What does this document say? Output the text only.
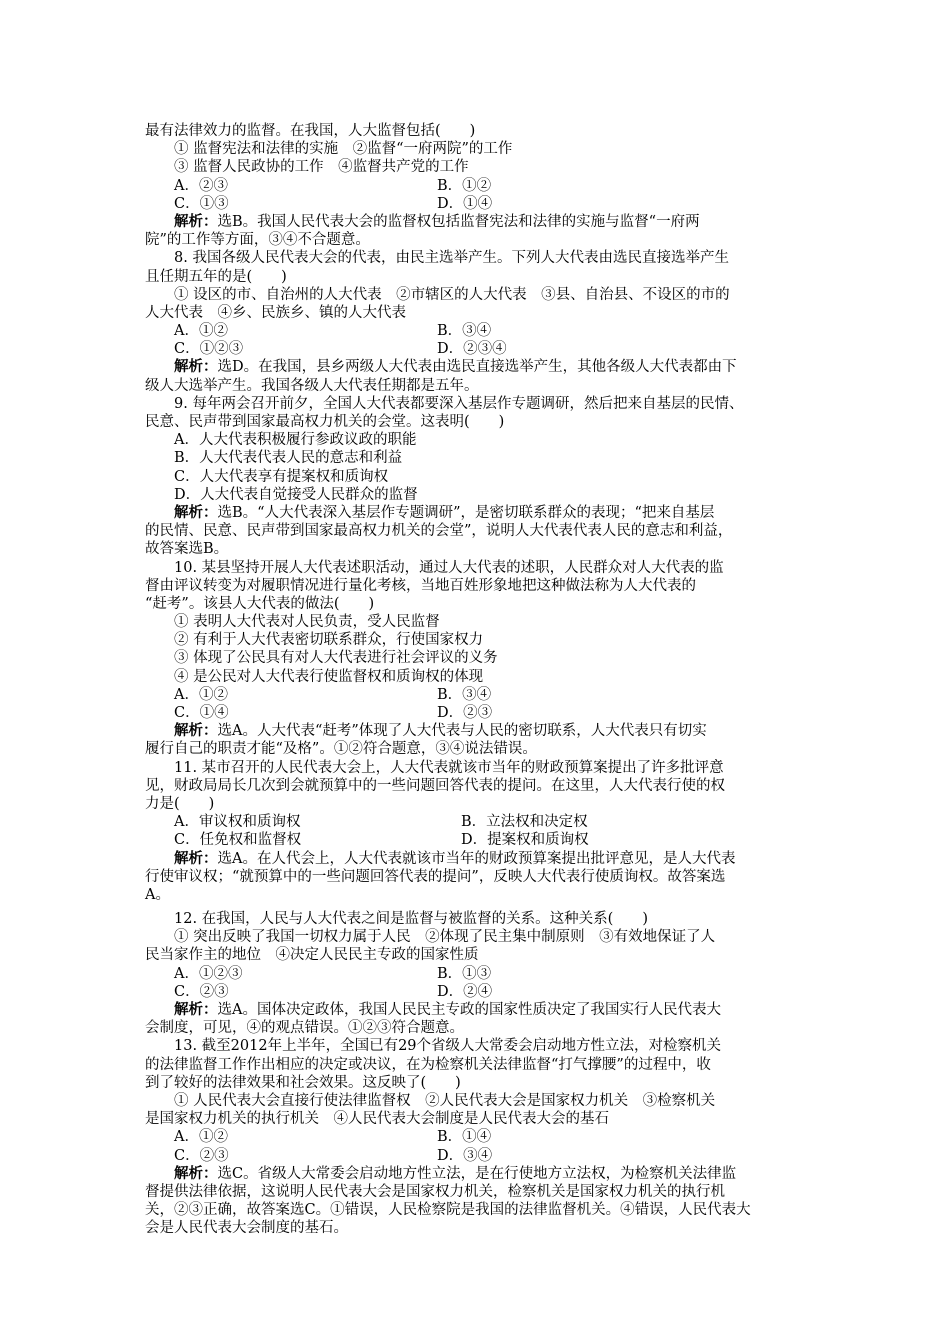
最有法律效力的监督。在我国，人大监督包括(　　)
① 监督宪法和法律的实施　②监督“一府两院”的工作
③ 监督人民政协的工作　④监督共产党的工作
A．②③	B．①②
C．①③	D．①④
解析：选B。我国人民代表大会的监督权包括监督宪法和法律的实施与监督“一府两
院”的工作等方面，③④不合题意。
8. 我国各级人民代表大会的代表，由民主选举产生。下列人大代表由选民直接选举产生
且任期五年的是(　　)
① 设区的市、自治州的人大代表　②市辖区的人大代表　③县、自治县、不设区的市的
人大代表　④乡、民族乡、镇的人大代表
A．①②	B．③④
C．①②③	D．②③④
解析：选D。在我国，县乡两级人大代表由选民直接选举产生，其他各级人大代表都由下
级人大选举产生。我国各级人大代表任期都是五年。
9. 每年两会召开前夕，全国人大代表都要深入基层作专题调研，然后把来自基层的民情、
民意、民声带到国家最高权力机关的会堂。这表明(　　)
A．人大代表积极履行参政议政的职能
B．人大代表代表人民的意志和利益
C．人大代表享有提案权和质询权
D．人大代表自觉接受人民群众的监督
解析：选B。“人大代表深入基层作专题调研”，是密切联系群众的表现；“把来自基层
的民情、民意、民声带到国家最高权力机关的会堂”，说明人大代表代表人民的意志和利益，
故答案选B。
10. 某县坚持开展人大代表述职活动，通过人大代表的述职，人民群众对人大代表的监
督由评议转变为对履职情况进行量化考核，当地百姓形象地把这种做法称为人大代表的
“赶考”。该县人大代表的做法(　　)
① 表明人大代表对人民负责，受人民监督
② 有利于人大代表密切联系群众，行使国家权力
③ 体现了公民具有对人大代表进行社会评议的义务
④ 是公民对人大代表行使监督权和质询权的体现
A．①②	B．③④
C．①④	D．②③
解析：选A。人大代表“赶考”体现了人大代表与人民的密切联系，人大代表只有切实
履行自己的职责才能“及格”。①②符合题意，③④说法错误。
11. 某市召开的人民代表大会上，人大代表就该市当年的财政预算案提出了许多批评意
见，财政局局长几次到会就预算中的一些问题回答代表的提问。在这里，人大代表行使的权
力是(　　)
A．审议权和质询权	B．立法权和决定权
C．任免权和监督权	D．提案权和质询权
解析：选A。在人代会上，人大代表就该市当年的财政预算案提出批评意见，是人大代表
行使审议权；“就预算中的一些问题回答代表的提问”，反映人大代表行使质询权。故答案选
A。
12. 在我国，人民与人大代表之间是监督与被监督的关系。这种关系(　　)
① 突出反映了我国一切权力属于人民　②体现了民主集中制原则　③有效地保证了人
民当家作主的地位　④决定人民民主专政的国家性质
A．①②③	B．①③
C．②③	D．②④
解析：选A。国体决定政体，我国人民民主专政的国家性质决定了我国实行人民代表大
会制度，可见，④的观点错误。①②③符合题意。
13. 截至2012年上半年，全国已有29个省级人大常委会启动地方性立法，对检察机关
的法律监督工作作出相应的决定或决议，在为检察机关法律监督“打气撑腰”的过程中，收
到了较好的法律效果和社会效果。这反映了(　　)
① 人民代表大会直接行使法律监督权　②人民代表大会是国家权力机关　③检察机关
是国家权力机关的执行机关　④人民代表大会制度是人民代表大会的基石
A．①②	B．①④
C．②③	D．③④
解析：选C。省级人大常委会启动地方性立法，是在行使地方立法权，为检察机关法律监
督提供法律依据，这说明人民代表大会是国家权力机关，检察机关是国家权力机关的执行机
关，②③正确，故答案选C。①错误，人民检察院是我国的法律监督机关。④错误，人民代表大
会是人民代表大会制度的基石。
